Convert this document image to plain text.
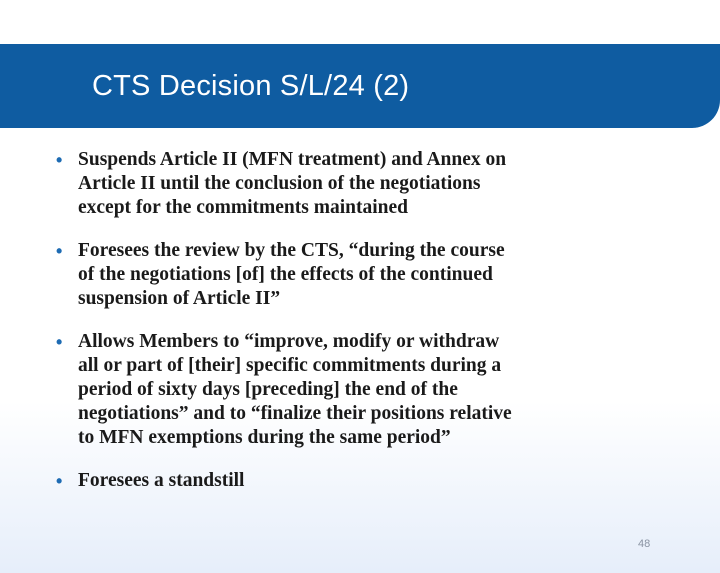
CTS Decision S/L/24 (2)
• Suspends Article II (MFN treatment) and Annex on
Article II until the conclusion of the negotiations
except for the commitments maintained
• Foresees the review by the CTS, “during the course
of the negotiations [of] the effects of the continued
suspension of Article II”
• Allows Members to “improve, modify or withdraw
all or part of [their] specific commitments during a
period of sixty days [preceding] the end of the
negotiations” and to “finalize their positions relative
to MFN exemptions during the same period”
• Foresees a standstill
48
